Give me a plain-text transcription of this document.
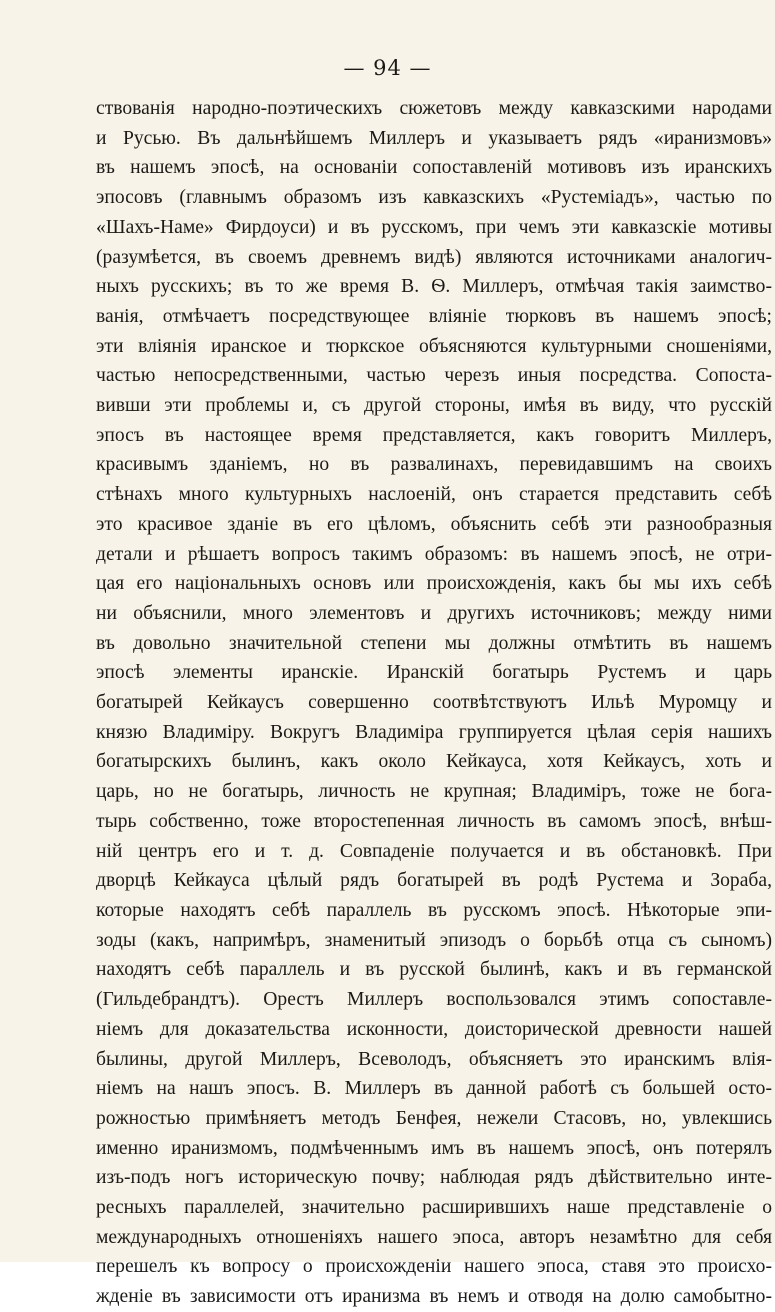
— 94 —
ствованія народно-поэтическихъ сюжетовъ между кавказскими народами
и Русью. Въ дальнѣйшемъ Миллеръ и указываетъ рядъ «иранизмовъ»
въ нашемъ эпосѣ, на основаніи сопоставленій мотивовъ изъ иранскихъ
эпосовъ (главнымъ образомъ изъ кавказскихъ «Рустеміадъ», частью по
«Шахъ-Наме» Фирдоуси) и въ русскомъ, при чемъ эти кавказскіе мотивы
(разумѣется, въ своемъ древнемъ видѣ) являются источниками аналогич-
ныхъ русскихъ; въ то же время В. Ѳ. Миллеръ, отмѣчая такія заимство-
ванія, отмѣчаетъ посредствующее вліяніе тюрковъ въ нашемъ эпосѣ;
эти вліянія иранское и тюркское объясняются культурными сношеніями,
частью непосредственными, частью черезъ иныя посредства. Сопоста-
вивши эти проблемы и, съ другой стороны, имѣя въ виду, что русскій
эпосъ въ настоящее время представляется, какъ говоритъ Миллеръ,
красивымъ зданіемъ, но въ развалинахъ, перевидавшимъ на своихъ
стѣнахъ много культурныхъ наслоеній, онъ старается представить себѣ
это красивое зданіе въ его цѣломъ, объяснить себѣ эти разнообразныя
детали и рѣшаетъ вопросъ такимъ образомъ: въ нашемъ эпосѣ, не отри-
цая его національныхъ основъ или происхожденія, какъ бы мы ихъ себѣ
ни объяснили, много элементовъ и другихъ источниковъ; между ними
въ довольно значительной степени мы должны отмѣтить въ нашемъ
эпосѣ элементы иранскіе. Иранскій богатырь Рустемъ и царь
богатырей Кейкаусъ совершенно соотвѣтствуютъ Ильѣ Муромцу и
князю Владиміру. Вокругъ Владиміра группируется цѣлая серія нашихъ
богатырскихъ былинъ, какъ около Кейкауса, хотя Кейкаусъ, хоть и
царь, но не богатырь, личность не крупная; Владиміръ, тоже не бога-
тырь собственно, тоже второстепенная личность въ самомъ эпосѣ, внѣш-
ній центръ его и т. д. Совпаденіе получается и въ обстановкѣ. При
дворцѣ Кейкауса цѣлый рядъ богатырей въ родѣ Рустема и Зораба,
которые находятъ себѣ параллель въ русскомъ эпосѣ. Нѣкоторые эпи-
зоды (какъ, напримѣръ, знаменитый эпизодъ о борьбѣ отца съ сыномъ)
находятъ себѣ параллель и въ русской былинѣ, какъ и въ германской
(Гильдебрандтъ). Орестъ Миллеръ воспользовался этимъ сопоставле-
ніемъ для доказательства исконности, доисторической древности нашей
былины, другой Миллеръ, Всеволодъ, объясняетъ это иранскимъ влія-
ніемъ на нашъ эпосъ. В. Миллеръ въ данной работѣ съ большей осто-
рожностью примѣняетъ методъ Бенфея, нежели Стасовъ, но, увлекшись
именно иранизмомъ, подмѣченнымъ имъ въ нашемъ эпосѣ, онъ потерялъ
изъ-подъ ногъ историческую почву; наблюдая рядъ дѣйствительно инте-
ресныхъ параллелей, значительно расширившихъ наше представленіе о
международныхъ отношеніяхъ нашего эпоса, авторъ незамѣтно для себя
перешелъ къ вопросу о происхожденіи нашего эпоса, ставя это происхо-
жденіе въ зависимости отъ иранизма въ немъ и отводя на долю самобытно-
